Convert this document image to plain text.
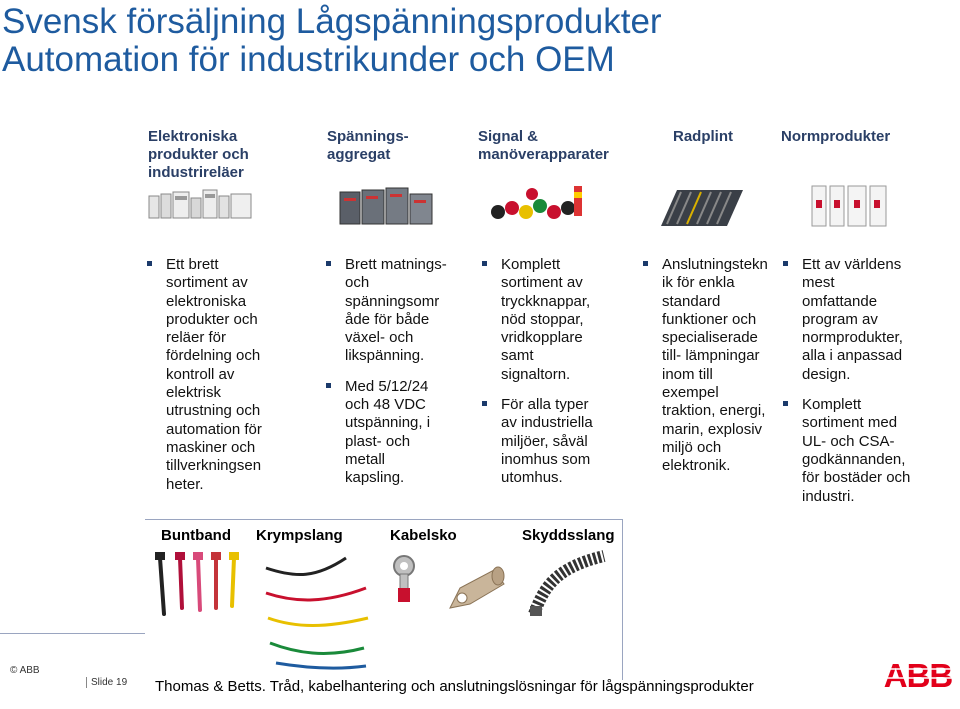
Svensk försäljning Lågspänningsprodukter
Automation för industrikunder och OEM
Elektroniska
produkter och
industrireläer
Spännings-
aggregat
Signal &
manöverapparater
Radplint	Normprodukter
Ett brett
sortiment av
elektroniska
produkter och
reläer för
fördelning och
kontroll av
elektrisk
utrustning och
automation för
maskiner och
tillverkningsen
heter.
Brett matnings-
och
spänningsomr
åde för både
växel- och
likspänning.
Med 5/12/24
och 48 VDC
utspänning, i
plast- och
metall
kapsling.
Komplett
sortiment av
tryckknappar,
nöd stoppar,
vridkopplare
samt
signaltorn.
För alla typer
av industriella
miljöer, såväl
inomhus som
utomhus.
Anslutningstekn
ik för enkla
standard
funktioner och
specialiserade
till- lämpningar
inom till
exempel
traktion, energi,
marin, explosiv
miljö och
elektronik.
Ett av världens
mest
omfattande
program av
normprodukter,
alla i anpassad
design.
Komplett
sortiment med
UL- och CSA-
godkännanden,
för bostäder och
industri.
Buntband Krympslang	Kabelsko	Skyddsslang
© ABB
Slide 19 Thomas & Betts. Tråd, kabelhantering och anslutningslösningar för lågspänningsprodukter	ABB
